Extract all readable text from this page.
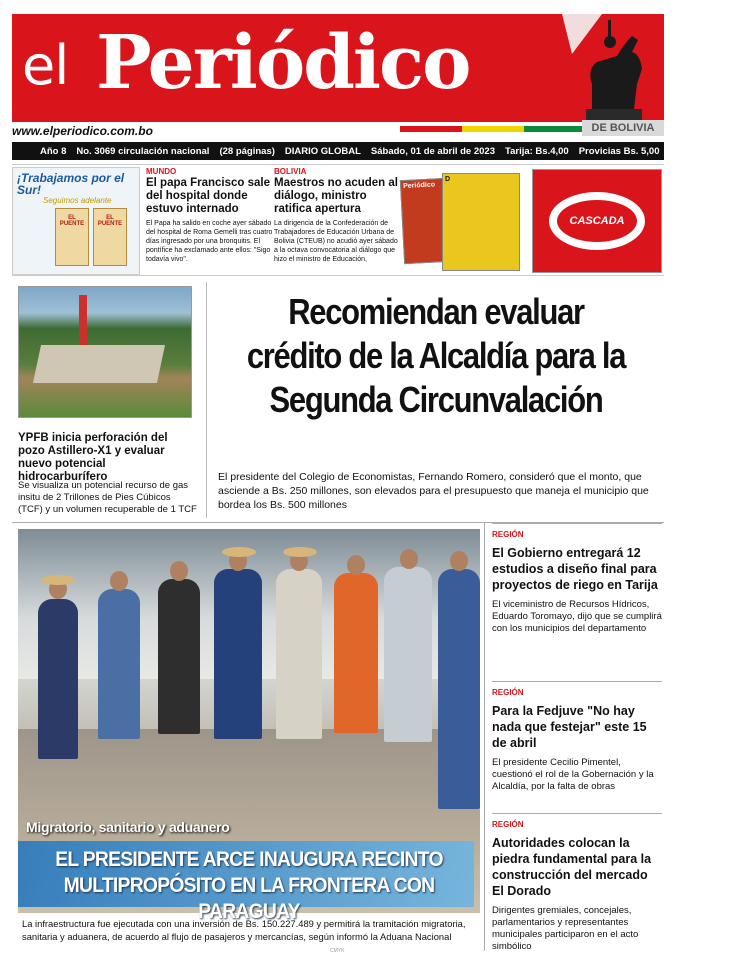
el Periódico
www.elperiodico.com.bo	DE BOLIVIA
Año 8 No. 3069 circulación nacional (28 páginas) DIARIO GLOBAL Sábado, 01 de abril de 2023 Tarija: Bs.4,00 Provicias Bs. 5,00 Bolivia Bs. 6,00
¡Trabajamos por el Sur!
Seguimos adelante
EL PUENTE
EL PUENTE
MUNDO
El papa Francisco sale del hospital donde estuvo internado
El Papa ha salido en coche ayer sábado del hospital de Roma Gemelli tras cuatro días ingresado por una bronquitis. El pontífice ha exclamado ante ellos: "Sigo todavía vivo".
BOLIVIA
Maestros no acuden al diálogo, ministro ratifica apertura
La dirigencia de la Confederación de Trabajadores de Educación Urbana de Bolivia (CTEUB) no acudió ayer sábado a la octava convocatoria al diálogo que hizo el ministro de Educación,
Periódico
D
CASCADA
YPFB inicia perforación del pozo Astillero-X1 y evaluar nuevo potencial hidrocarburífero
Se visualiza un potencial recurso de gas insitu de 2 Trillones de Pies Cúbicos (TCF) y un volumen recuperable de 1 TCF
Recomiendan evaluar crédito de la Alcaldía para la Segunda Circunvalación
El presidente del Colegio de Economistas, Fernando Romero, consideró que el monto, que asciende a Bs. 250 millones, son elevados para el presupuesto que maneja el municipio que bordea los Bs. 500 millones
Migratorio, sanitario y aduanero
EL PRESIDENTE ARCE INAUGURA RECINTO MULTIPROPÓSITO EN LA FRONTERA CON PARAGUAY
La infraestructura fue ejecutada con una inversión de Bs. 150.227.489 y permitirá la tramitación migratoria, sanitaria y aduanera, de acuerdo al flujo de pasajeros y mercancías, según informó la Aduana Nacional
REGIÓN
El Gobierno entregará 12 estudios a diseño final para proyectos de riego en Tarija
El viceministro de Recursos Hídricos, Eduardo Toromayo, dijo que se cumplirá con los municipios del departamento
REGIÓN
Para la Fedjuve "No hay nada que festejar" este 15 de abril
El presidente Cecilio Pimentel, cuestionó el rol de la Gobernación y la Alcaldía, por la falta de obras
REGIÓN
Autoridades colocan la piedra fundamental para la construcción del mercado El Dorado
Dirigentes gremiales, concejales, parlamentarios y representantes municipales participaron en el acto simbólico
CMYK
